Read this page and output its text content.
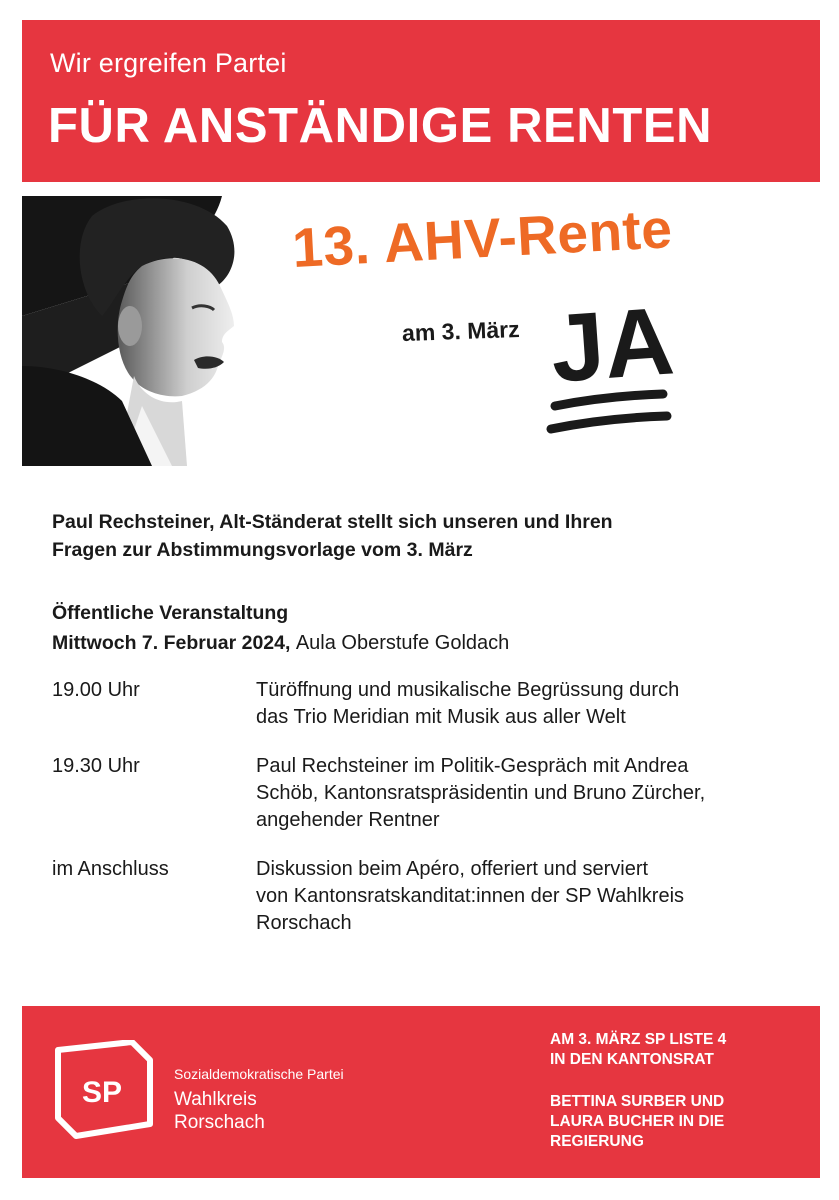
Wir ergreifen Partei
FÜR ANSTÄNDIGE RENTEN
13. AHV-Rente
am 3. März JA
Paul Rechsteiner, Alt-Ständerat stellt sich unseren und Ihren
Fragen zur Abstimmungsvorlage vom 3. März
Öffentliche Veranstaltung
Mittwoch 7. Februar 2024, Aula Oberstufe Goldach
19.00 Uhr	Türöffnung und musikalische Begrüssung durch
das Trio Meridian mit Musik aus aller Welt
19.30 Uhr	Paul Rechsteiner im Politik-Gespräch mit Andrea
Schöb, Kantonsratspräsidentin und Bruno Zürcher,
angehender Rentner
im Anschluss	Diskussion beim Apéro, offeriert und serviert
von Kantonsratskanditat:innen der SP Wahlkreis
Rorschach
SP
Sozialdemokratische Partei
Wahlkreis
Rorschach

AM 3. MÄRZ SP LISTE 4
IN DEN KANTONSRAT

BETTINA SURBER UND
LAURA BUCHER IN DIE
REGIERUNG
